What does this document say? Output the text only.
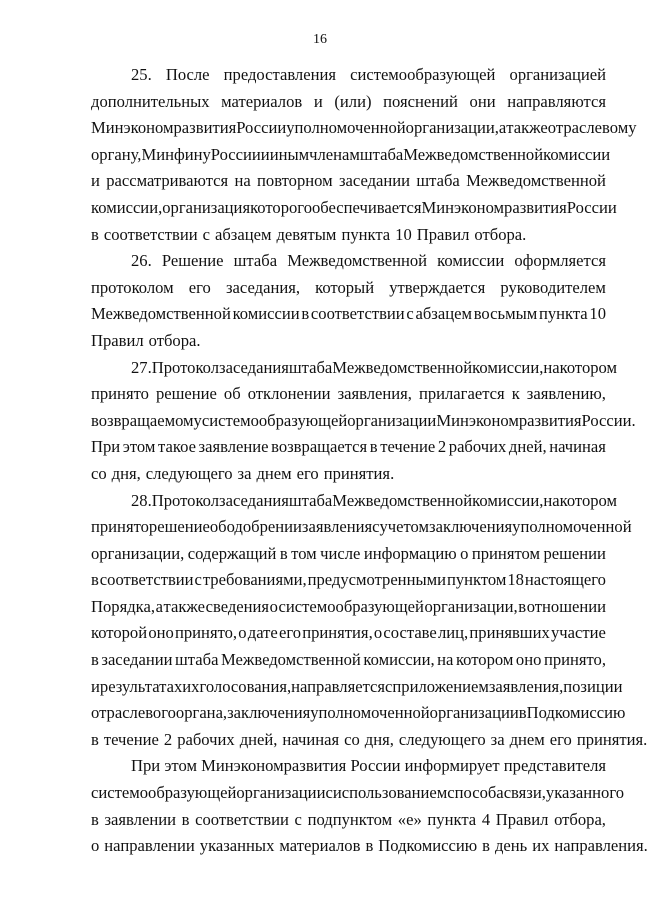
16
25. После предоставления системообразующей организацией
дополнительных материалов и (или) пояснений они направляются
Минэкономразвития России уполномоченной организации, а также отраслевому
органу, Минфину России и иным членам штаба Межведомственной комиссии
и рассматриваются на повторном заседании штаба Межведомственной
комиссии, организация которого обеспечивается Минэкономразвития России
в соответствии с абзацем девятым пункта 10 Правил отбора.
26. Решение штаба Межведомственной комиссии оформляется
протоколом его заседания, который утверждается руководителем
Межведомственной комиссии в соответствии с абзацем восьмым пункта 10
Правил отбора.
27. Протокол заседания штаба Межведомственной комиссии, на котором
принято решение об отклонении заявления, прилагается к заявлению,
возвращаемому системообразующей организации Минэкономразвития России.
При этом такое заявление возвращается в течение 2 рабочих дней, начиная
со дня, следующего за днем его принятия.
28. Протокол заседания штаба Межведомственной комиссии, на котором
принято решение об одобрении заявления с учетом заключения уполномоченной
организации, содержащий в том числе информацию о принятом решении
в соответствии с требованиями, предусмотренными пунктом 18 настоящего
Порядка, а также сведения о системообразующей организации, в отношении
которой оно принято, о дате его принятия, о составе лиц, принявших участие
в заседании штаба Межведомственной комиссии, на котором оно принято,
и результатах их голосования, направляется с приложением заявления, позиции
отраслевого органа, заключения уполномоченной организации в Подкомиссию
в течение 2 рабочих дней, начиная со дня, следующего за днем его принятия.
При этом Минэкономразвития России информирует представителя
системообразующей организации с использованием способа связи, указанного
в заявлении в соответствии с подпунктом «е» пункта 4 Правил отбора,
о направлении указанных материалов в Подкомиссию в день их направления.
